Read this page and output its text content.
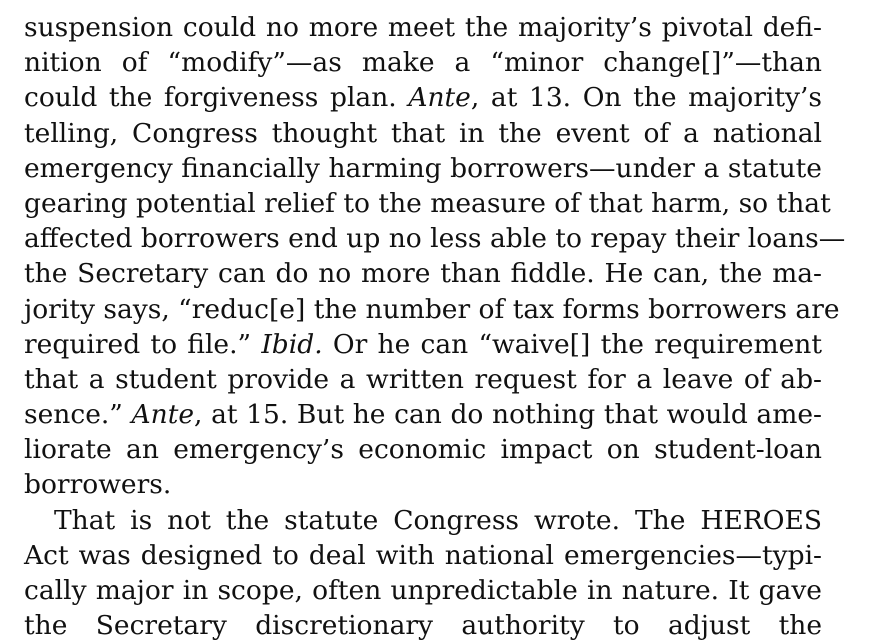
suspension could no more meet the majority’s pivotal defi-
nition of “modify”—as make a “minor change[]”—than
could the forgiveness plan. Ante, at 13. On the majority’s
telling, Congress thought that in the event of a national
emergency financially harming borrowers—under a statute
gearing potential relief to the measure of that harm, so that
affected borrowers end up no less able to repay their loans—
the Secretary can do no more than fiddle. He can, the ma-
jority says, “reduc[e] the number of tax forms borrowers are
required to file.” Ibid. Or he can “waive[] the requirement
that a student provide a written request for a leave of ab-
sence.” Ante, at 15. But he can do nothing that would ame-
liorate an emergency’s economic impact on student-loan
borrowers.
That is not the statute Congress wrote. The HEROES
Act was designed to deal with national emergencies—typi-
cally major in scope, often unpredictable in nature. It gave
the Secretary discretionary authority to adjust the
